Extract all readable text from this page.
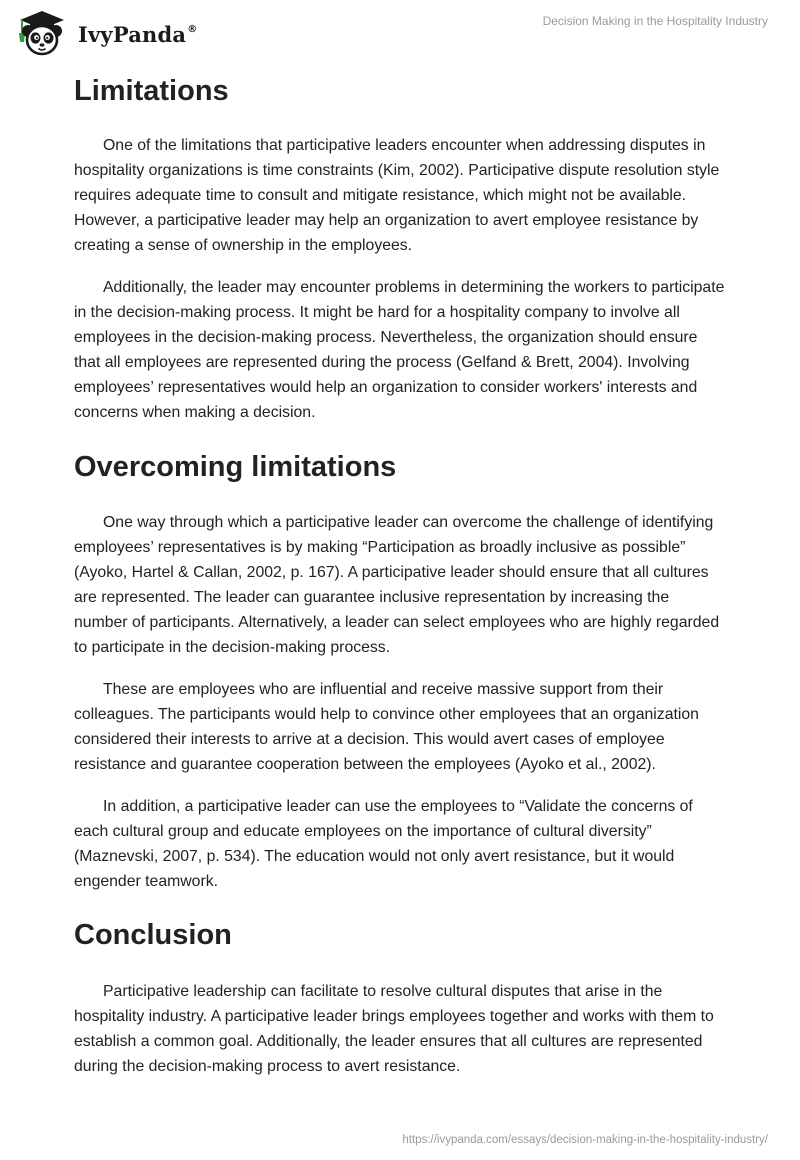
IvyPanda®
Decision Making in the Hospitality Industry
Limitations

One of the limitations that participative leaders encounter when addressing disputes in hospitality organizations is time constraints (Kim, 2002). Participative dispute resolution style requires adequate time to consult and mitigate resistance, which might not be available. However, a participative leader may help an organization to avert employee resistance by creating a sense of ownership in the employees.

Additionally, the leader may encounter problems in determining the workers to participate in the decision-making process. It might be hard for a hospitality company to involve all employees in the decision-making process. Nevertheless, the organization should ensure that all employees are represented during the process (Gelfand & Brett, 2004). Involving employees’ representatives would help an organization to consider workers' interests and concerns when making a decision.

Overcoming limitations

One way through which a participative leader can overcome the challenge of identifying employees’ representatives is by making “Participation as broadly inclusive as possible” (Ayoko, Hartel & Callan, 2002, p. 167). A participative leader should ensure that all cultures are represented. The leader can guarantee inclusive representation by increasing the number of participants. Alternatively, a leader can select employees who are highly regarded to participate in the decision-making process.

These are employees who are influential and receive massive support from their colleagues. The participants would help to convince other employees that an organization considered their interests to arrive at a decision. This would avert cases of employee resistance and guarantee cooperation between the employees (Ayoko et al., 2002).

In addition, a participative leader can use the employees to “Validate the concerns of each cultural group and educate employees on the importance of cultural diversity” (Maznevski, 2007, p. 534). The education would not only avert resistance, but it would engender teamwork.

Conclusion

Participative leadership can facilitate to resolve cultural disputes that arise in the hospitality industry. A participative leader brings employees together and works with them to establish a common goal. Additionally, the leader ensures that all cultures are represented during the decision-making process to avert resistance.

https://ivypanda.com/essays/decision-making-in-the-hospitality-industry/
